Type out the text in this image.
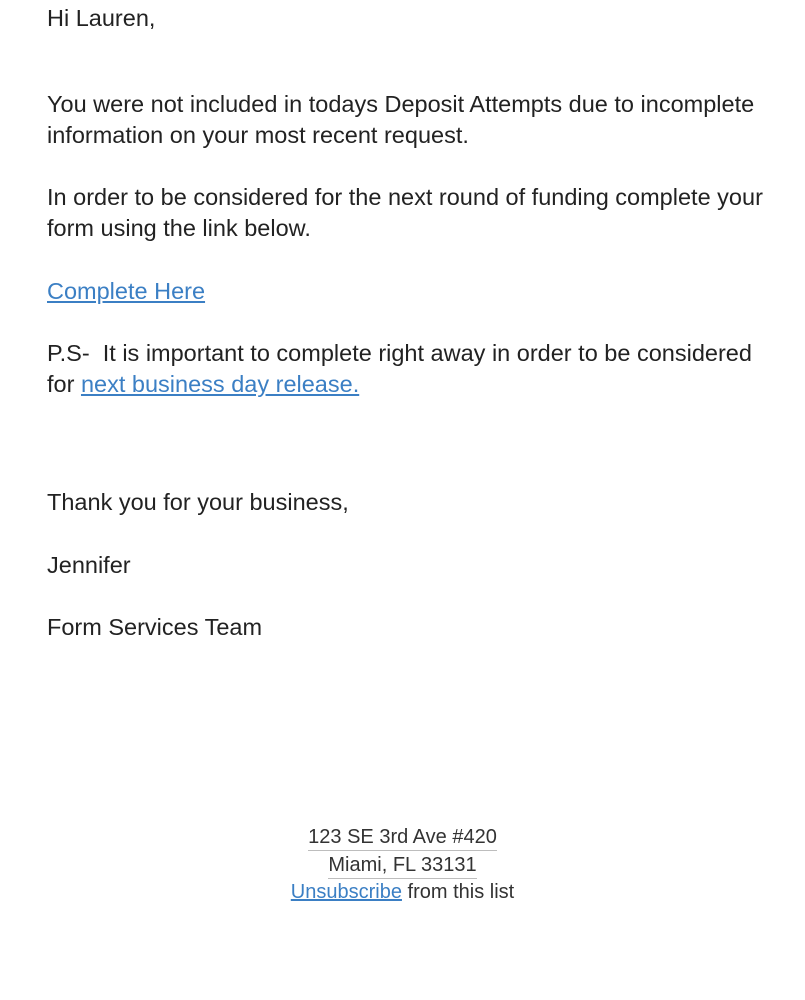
Hi Lauren,

You were not included in todays Deposit Attempts due to incomplete information on your most recent request.

In order to be considered for the next round of funding complete your form using the link below.

Complete Here

P.S-  It is important to complete right away in order to be considered for next business day release.

Thank you for your business,

Jennifer

Form Services Team

123 SE 3rd Ave #420
Miami, FL 33131
Unsubscribe from this list
